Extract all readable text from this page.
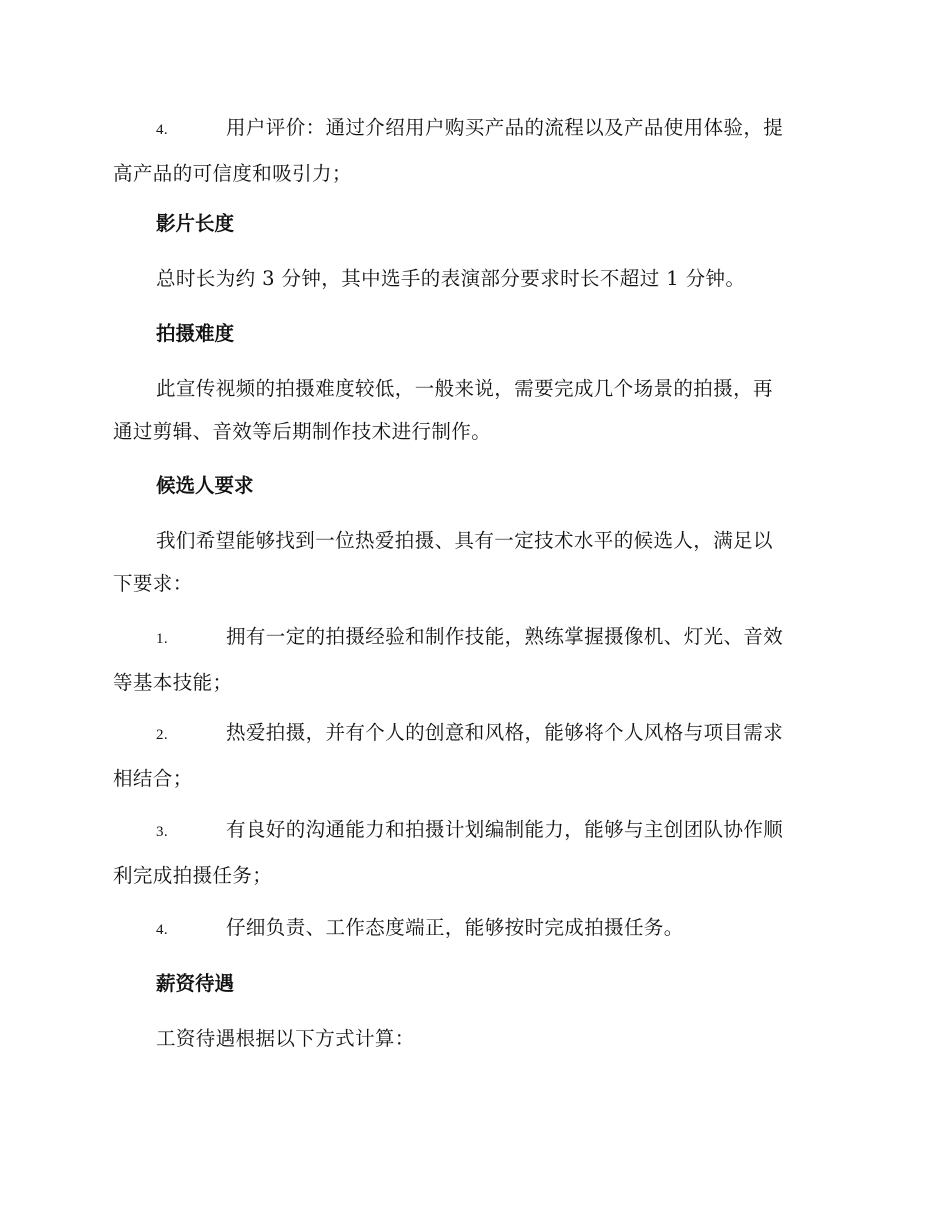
4.	用户评价：通过介绍用户购买产品的流程以及产品使用体验，提
高产品的可信度和吸引力；
影片长度
总时长为约 3 分钟，其中选手的表演部分要求时长不超过 1 分钟。
拍摄难度
此宣传视频的拍摄难度较低，一般来说，需要完成几个场景的拍摄，再
通过剪辑、音效等后期制作技术进行制作。
候选人要求
我们希望能够找到一位热爱拍摄、具有一定技术水平的候选人，满足以
下要求：
1.	拥有一定的拍摄经验和制作技能，熟练掌握摄像机、灯光、音效
等基本技能；
2.	热爱拍摄，并有个人的创意和风格，能够将个人风格与项目需求
相结合；
3.	有良好的沟通能力和拍摄计划编制能力，能够与主创团队协作顺
利完成拍摄任务；
4.	仔细负责、工作态度端正，能够按时完成拍摄任务。
薪资待遇
工资待遇根据以下方式计算：
